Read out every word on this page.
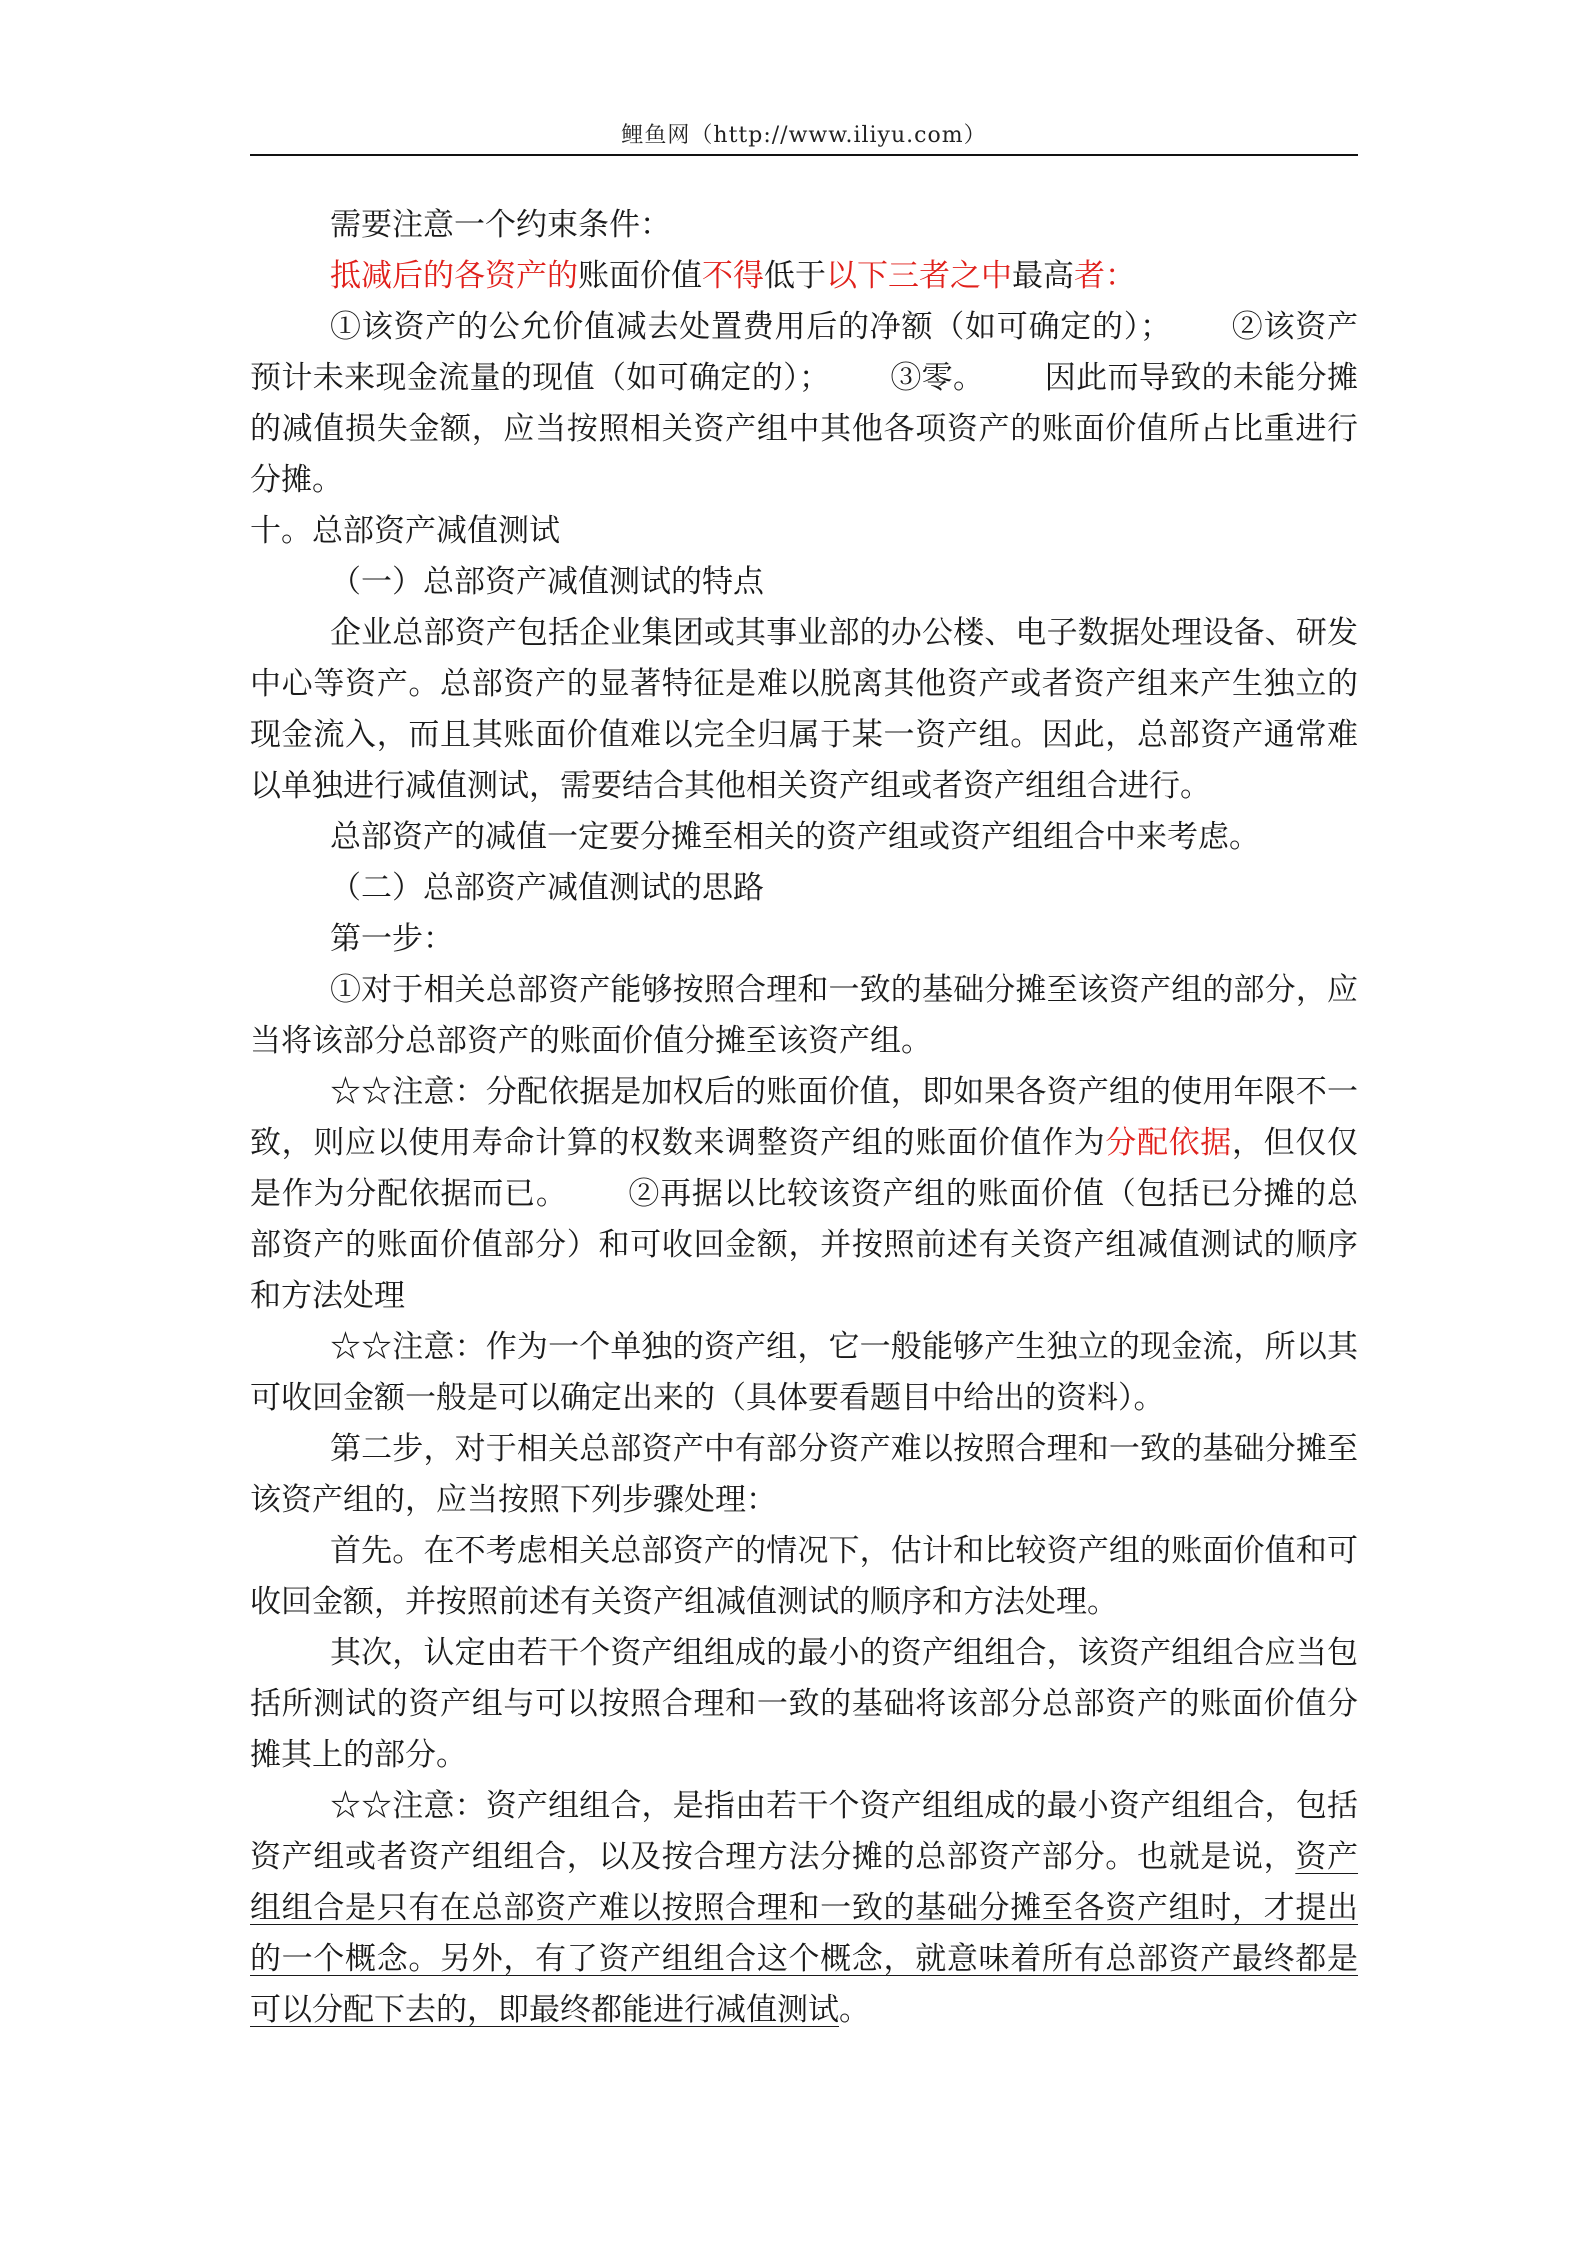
鲤鱼网（http://www.iliyu.com）

需要注意一个约束条件：

抵减后的各资产的账面价值不得低于以下三者之中最高者：

①该资产的公允价值减去处置费用后的净额（如可确定的）； ②该资产预计未来现金流量的现值（如可确定的）； ③零。 因此而导致的未能分摊的减值损失金额，应当按照相关资产组中其他各项资产的账面价值所占比重进行分摊。

十。总部资产减值测试

（一）总部资产减值测试的特点

企业总部资产包括企业集团或其事业部的办公楼、电子数据处理设备、研发中心等资产。总部资产的显著特征是难以脱离其他资产或者资产组来产生独立的现金流入，而且其账面价值难以完全归属于某一资产组。因此，总部资产通常难以单独进行减值测试，需要结合其他相关资产组或者资产组组合进行。

总部资产的减值一定要分摊至相关的资产组或资产组组合中来考虑。

（二）总部资产减值测试的思路

第一步：

①对于相关总部资产能够按照合理和一致的基础分摊至该资产组的部分，应当将该部分总部资产的账面价值分摊至该资产组。

☆☆注意：分配依据是加权后的账面价值，即如果各资产组的使用年限不一致，则应以使用寿命计算的权数来调整资产组的账面价值作为分配依据，但仅仅是作为分配依据而已。 ②再据以比较该资产组的账面价值（包括已分摊的总部资产的账面价值部分）和可收回金额，并按照前述有关资产组减值测试的顺序和方法处理

☆☆注意：作为一个单独的资产组，它一般能够产生独立的现金流，所以其可收回金额一般是可以确定出来的（具体要看题目中给出的资料）。

第二步，对于相关总部资产中有部分资产难以按照合理和一致的基础分摊至该资产组的，应当按照下列步骤处理：

首先。在不考虑相关总部资产的情况下，估计和比较资产组的账面价值和可收回金额，并按照前述有关资产组减值测试的顺序和方法处理。

其次，认定由若干个资产组组成的最小的资产组组合，该资产组组合应当包括所测试的资产组与可以按照合理和一致的基础将该部分总部资产的账面价值分摊其上的部分。

☆☆注意：资产组组合，是指由若干个资产组组成的最小资产组组合，包括资产组或者资产组组合，以及按合理方法分摊的总部资产部分。也就是说，资产组组合是只有在总部资产难以按照合理和一致的基础分摊至各资产组时，才提出的一个概念。另外，有了资产组组合这个概念，就意味着所有总部资产最终都是可以分配下去的，即最终都能进行减值测试。
